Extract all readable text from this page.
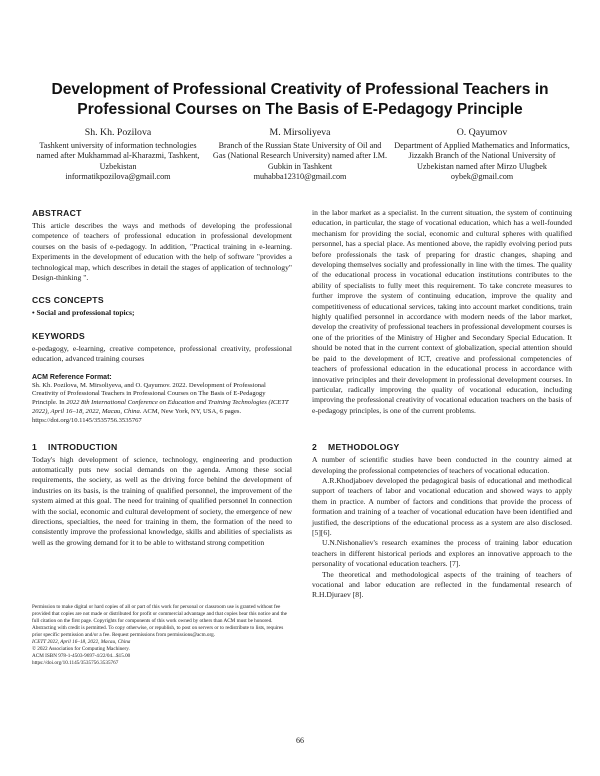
Development of Professional Creativity of Professional Teachers in Professional Courses on The Basis of E-Pedagogy Principle
Sh. Kh. Pozilova
Tashkent university of information technologies named after Mukhammad al-Kharazmi, Tashkent, Uzbekistan
informatikpozilova@gmail.com
M. Mirsoliyeva
Branch of the Russian State University of Oil and Gas (National Research University) named after I.M. Gubkin in Tashkent
muhabba12310@gmail.com
O. Qayumov
Department of Applied Mathematics and Informatics, Jizzakh Branch of the National University of Uzbekistan named after Mirzo Ulugbek
oybek@gmail.com
ABSTRACT

This article describes the ways and methods of developing the professional competence of teachers of professional education in professional development courses on the basis of e-pedagogy. In addition, "Practical training in e-learning. Experiments in the development of education with the help of software "provides a technological map, which describes in detail the stages of application of technology" Design-thinking ".

CCS CONCEPTS

• Social and professional topics;

KEYWORDS

e-pedagogy, e-learning, creative competence, professional creativity, professional education, advanced training courses

ACM Reference Format:
Sh. Kh. Pozilova, M. Mirsoliyeva, and O. Qayumov. 2022. Development of Professional Creativity of Professional Teachers in Professional Courses on The Basis of E-Pedagogy Principle. In 2022 8th International Conference on Education and Training Technologies (ICETT 2022), April 16–18, 2022, Macau, China. ACM, New York, NY, USA, 6 pages. https://doi.org/10.1145/3535756.3535767
1 INTRODUCTION

Today's high development of science, technology, engineering and production automatically puts new social demands on the agenda. Among these social requirements, the society, as well as the driving force behind the development of industries on its basis, is the training of qualified personnel, the improvement of the system aimed at this goal. The need for training of qualified personnel In connection with the social, economic and cultural development of society, the emergence of new directions, specialties, the need for training in them, the formation of the need to consistently improve the professional knowledge, skills and abilities of specialists as well as the growing demand for it to be able to withstand strong competition

in the labor market as a specialist. In the current situation, the system of continuing education, in particular, the stage of vocational education, which has a well-founded mechanism for providing the social, economic and cultural spheres with qualified personnel, has a special place. As mentioned above, the rapidly evolving period puts before professionals the task of preparing for drastic changes, shaping and developing themselves socially and professionally in line with the times. The quality of the educational process in vocational education institutions contributes to the ability of specialists to fully meet this requirement. To take concrete measures to further improve the system of continuing education, improve the quality and competitiveness of educational services, taking into account market conditions, train highly qualified personnel in accordance with modern needs of the labor market, develop the creativity of professional teachers in professional development courses is one of the priorities of the Ministry of Higher and Secondary Special Education. It should be noted that in the current context of globalization, special attention should be paid to the development of ICT, creative and professional competencies of teachers of professional education in the educational process in accordance with innovative principles and their development in professional development courses. In particular, radically improving the quality of vocational education, including improving the professional creativity of vocational education teachers on the basis of e-pedagogy principles, is one of the current problems.

2 METHODOLOGY

A number of scientific studies have been conducted in the country aimed at developing the professional competencies of teachers of vocational education.

A.R.Khodjaboev developed the pedagogical basis of educational and methodical support of teachers of labor and vocational education and showed ways to apply them in practice. A number of factors and conditions that provide the process of formation and training of a teacher of vocational education have been identified and justified, the descriptions of the educational process as a system are also disclosed. [5][6].

U.N.Nishonaliev's research examines the process of training labor education teachers in different historical periods and explores an innovative approach to the personality of vocational education teachers. [7].

The theoretical and methodological aspects of the training of teachers of vocational and labor education are reflected in the fundamental research of R.H.Djuraev [8].

Permission to make digital or hard copies of all or part of this work for personal or classroom use is granted without fee provided that copies are not made or distributed for profit or commercial advantage and that copies bear this notice and the full citation on the first page. Copyrights for components of this work owned by others than ACM must be honored. Abstracting with credit is permitted. To copy otherwise, or republish, to post on servers or to redistribute to lists, requires prior specific permission and/or a fee. Request permissions from permissions@acm.org.
ICETT 2022, April 16–18, 2022, Macau, China
© 2022 Association for Computing Machinery.
ACM ISBN 978-1-4503-9697-4/22/04...$15.00
https://doi.org/10.1145/3535756.3535767
66
